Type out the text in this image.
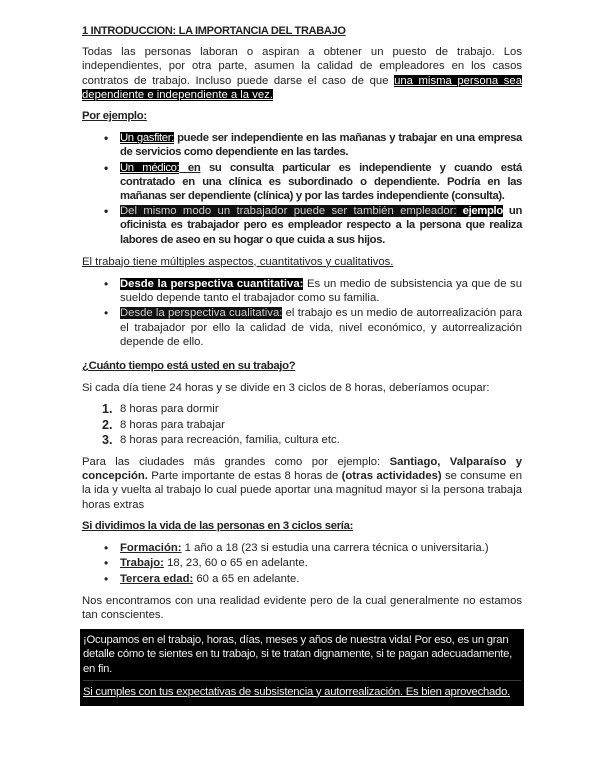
1 INTRODUCCION: LA IMPORTANCIA DEL TRABAJO

Todas las personas laboran o aspiran a obtener un puesto de trabajo. Los independientes, por otra parte, asumen la calidad de empleadores en los casos contratos de trabajo. Incluso puede darse el caso de que una misma persona sea dependiente e independiente a la vez.

Por ejemplo:
• Un gasfiter: puede ser independiente en las mañanas y trabajar en una empresa de servicios como dependiente en las tardes.
• Un médico: en su consulta particular es independiente y cuando está contratado en una clínica es subordinado o dependiente. Podría en las mañanas ser dependiente (clínica) y por las tardes independiente (consulta).
• Del mismo modo un trabajador puede ser también empleador: ejemplo un oficinista es trabajador pero es empleador respecto a la persona que realiza labores de aseo en su hogar o que cuida a sus hijos.
El trabajo tiene múltiples aspectos, cuantitativos y cualitativos.
• Desde la perspectiva cuantitativa: Es un medio de subsistencia ya que de su sueldo depende tanto el trabajador como su familia.
• Desde la perspectiva cualitativa: el trabajo es un medio de autorrealización para el trabajador por ello la calidad de vida, nivel económico, y autorrealización depende de ello.
¿Cuánto tiempo está usted en su trabajo?

Si cada día tiene 24 horas y se divide en 3 ciclos de 8 horas, deberíamos ocupar:

1. 8 horas para dormir
2. 8 horas para trabajar
3. 8 horas para recreación, familia, cultura etc.

Para las ciudades más grandes como por ejemplo: Santiago, Valparaíso y concepción. Parte importante de estas 8 horas de (otras actividades) se consume en la ida y vuelta al trabajo lo cual puede aportar una magnitud mayor si la persona trabaja horas extras

Si dividimos la vida de las personas en 3 ciclos sería:
• Formación: 1 año a 18 (23 si estudia una carrera técnica o universitaria.)
• Trabajo: 18, 23, 60 o 65 en adelante.
• Tercera edad: 60 a 65 en adelante.

Nos encontramos con una realidad evidente pero de la cual generalmente no estamos tan conscientes.

¡Ocupamos en el trabajo, horas, días, meses y años de nuestra vida! Por eso, es un gran detalle cómo te sientes en tu trabajo, si te tratan dignamente, si te pagan adecuadamente, en fin.
Si cumples con tus expectativas de subsistencia y autorrealización. Es bien aprovechado.
